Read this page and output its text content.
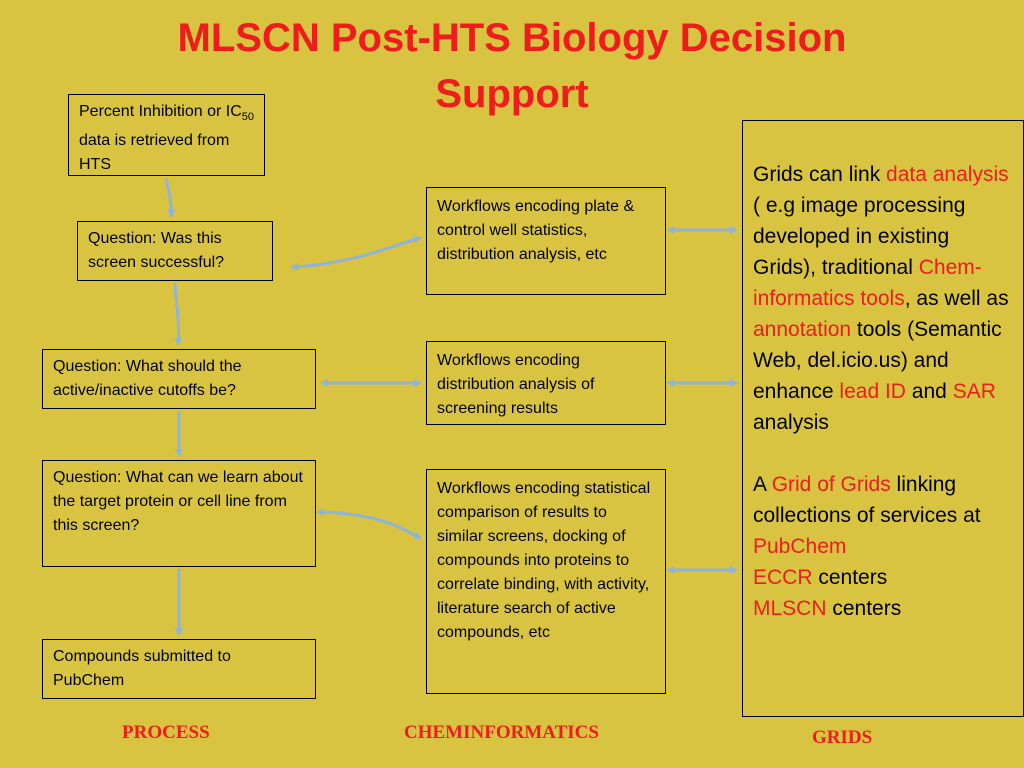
MLSCN Post-HTS Biology Decision
Support
Percent Inhibition or $IC_{50}$ data is retrieved from HTS
Question: Was this screen successful?
Question: What should the active/inactive cutoffs be?
Question: What can we learn about the target protein or cell line from this screen?
Compounds submitted to PubChem
Workflows encoding plate & control well statistics, distribution analysis, etc
Workflows encoding distribution analysis of screening results
Workflows encoding statistical comparison of results to similar screens, docking of compounds into proteins to correlate binding, with activity, literature search of active compounds, etc
Grids can link data analysis ( e.g image processing developed in existing Grids), traditional Chem-informatics tools, as well as annotation tools (Semantic Web, del.icio.us) and enhance lead ID and SAR analysis
A Grid of Grids linking collections of services at
PubChem
ECCR centers
MLSCN centers
PROCESS	CHEMINFORMATICS	GRIDS
